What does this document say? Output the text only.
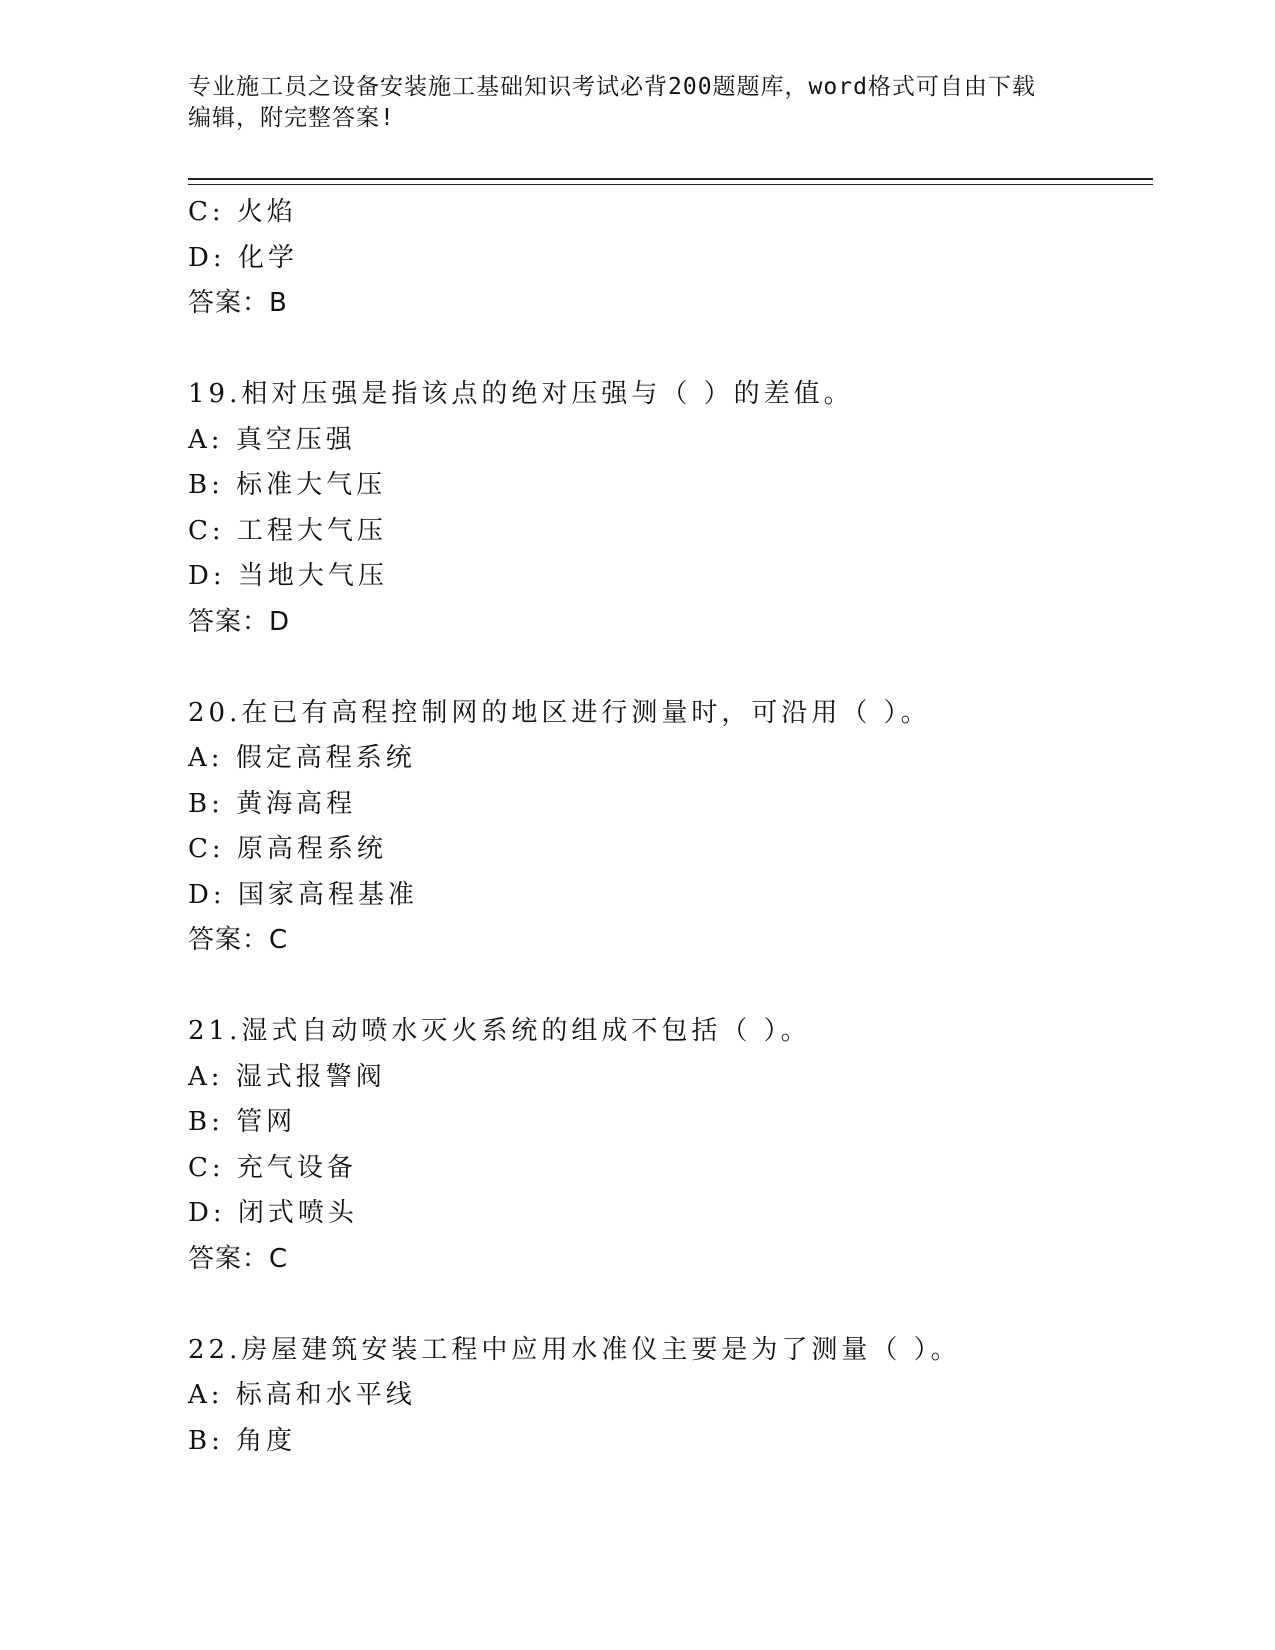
专业施工员之设备安装施工基础知识考试必背200题题库，word格式可自由下载
编辑，附完整答案!
C: 火焰
D: 化学
答案：B
19.相对压强是指该点的绝对压强与（ ）的差值。
A: 真空压强
B: 标准大气压
C: 工程大气压
D: 当地大气压
答案：D
20.在已有高程控制网的地区进行测量时，可沿用（ ）。
A: 假定高程系统
B: 黄海高程
C: 原高程系统
D: 国家高程基准
答案：C
21.湿式自动喷水灭火系统的组成不包括（ ）。
A: 湿式报警阀
B: 管网
C: 充气设备
D: 闭式喷头
答案：C
22.房屋建筑安装工程中应用水准仪主要是为了测量（ ）。
A: 标高和水平线
B: 角度
